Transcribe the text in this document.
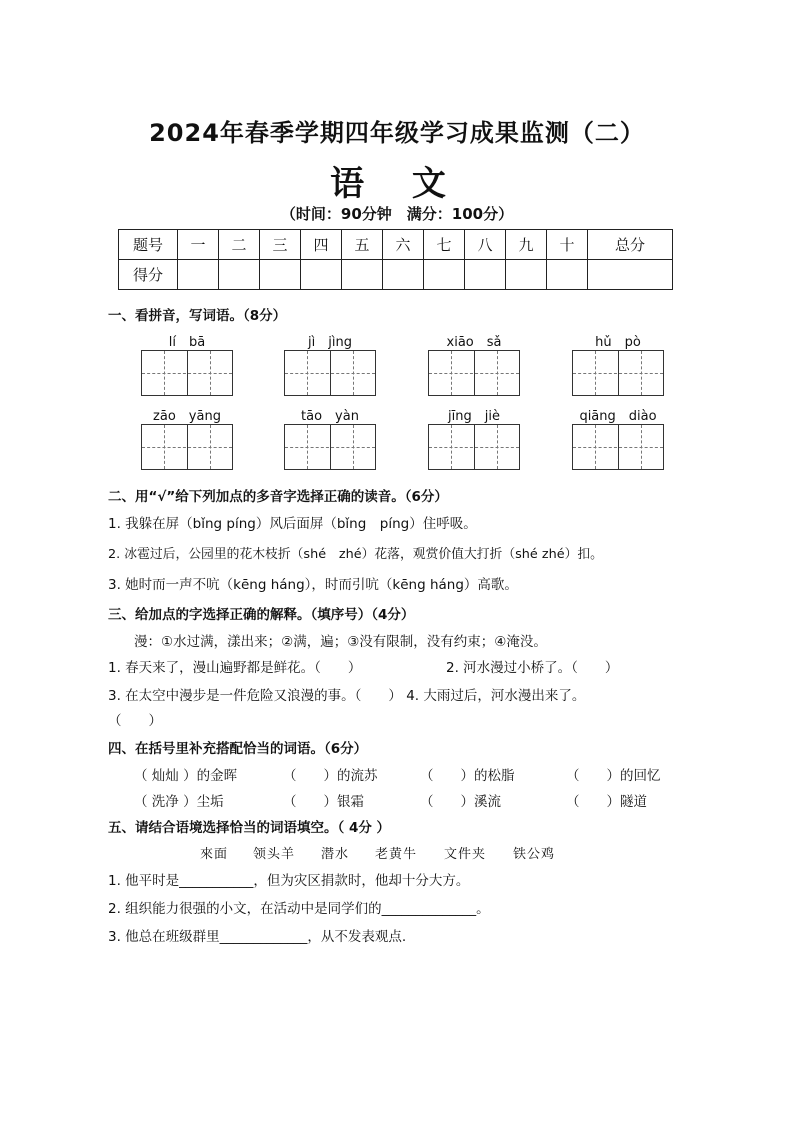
2024年春季学期四年级学习成果监测（二）
语 文
（时间：90分钟　满分：100分）
题号	一	二	三	四	五	六	七	八	九	十	总分
得分											
一、看拼音，写词语。（8分）
lí　bā	jì　jìng	xiāo　sǎ	hǔ　pò
zāo　yāng	tāo　yàn	jīng　jiè	qiāng　diào
二、用“√”给下列加点的多音字选择正确的读音。（6分）
1. 我躲在屏（bǐng píng）风后面屏（bǐng　píng）住呼吸。
2. 冰雹过后，公园里的花木枝折（shé　zhé）花落，观赏价值大打折（shé zhé）扣。
3. 她时而一声不吭（kēng háng），时而引吭（kēng háng）高歌。
三、给加点的字选择正确的解释。（填序号）（4分）
漫：①水过满，漾出来；②满，遍；③没有限制，没有约束；④淹没。
1. 春天来了，漫山遍野都是鲜花。（　　）	2. 河水漫过小桥了。（　　）
3. 在太空中漫步是一件危险又浪漫的事。（　　） 4. 大雨过后，河水漫出来了。
（　　）
四、在括号里补充搭配恰当的词语。（6分）
（ 灿灿 ）的金晖	（　　）的流苏	（　　）的松脂	（　　）的回忆
（ 洗净 ）尘垢	（　　）银霜	（　　）溪流	（　　）隧道
五、请结合语境选择恰当的词语填空。（ 4分 ）
來面 领头羊 潜水 老黄牛 文件夹 铁公鸡
1. 他平时是___________，但为灾区捐款时，他却十分大方。
2. 组织能力很强的小文，在活动中是同学们的______________。
3. 他总在班级群里_____________，从不发表观点.
